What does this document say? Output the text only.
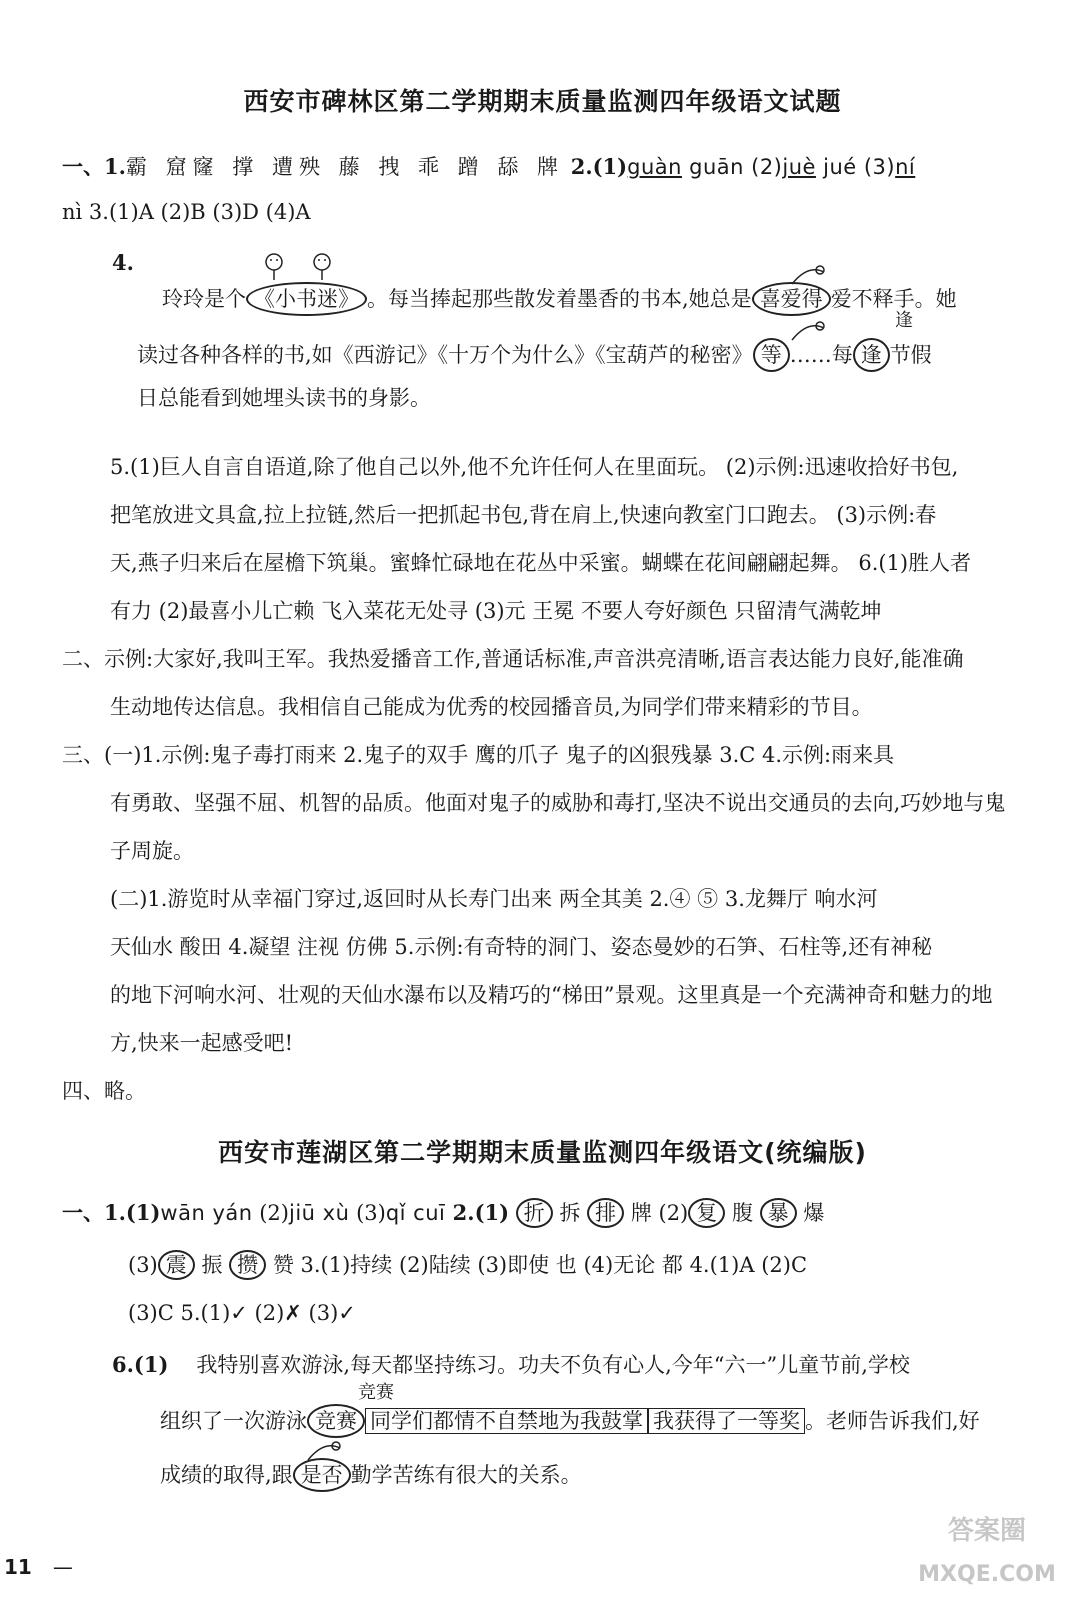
西安市碑林区第二学期期末质量监测四年级语文试题
一、1.霸 窟窿 撑 遭殃 藤 拽 乖 蹭 舔 牌 2.(1)guàn guān (2)juè jué (3)ní
nì 3.(1)A (2)B (3)D (4)A
4.
玲玲是个 《小书迷》 。每当捧起那些散发着墨香的书本,她总是 喜爱得 爱不释手。她
逢
读过各种各样的书,如《西游记》《十万个为什么》《宝葫芦的秘密》 等 ……每 逢 节假
日总能看到她埋头读书的身影。
5.(1)巨人自言自语道,除了他自己以外,他不允许任何人在里面玩。 (2)示例:迅速收拾好书包,
把笔放进文具盒,拉上拉链,然后一把抓起书包,背在肩上,快速向教室门口跑去。 (3)示例:春
天,燕子归来后在屋檐下筑巢。蜜蜂忙碌地在花丛中采蜜。蝴蝶在花间翩翩起舞。 6.(1)胜人者
有力 (2)最喜小儿亡赖 飞入菜花无处寻 (3)元 王冕 不要人夸好颜色 只留清气满乾坤
二、示例:大家好,我叫王军。我热爱播音工作,普通话标准,声音洪亮清晰,语言表达能力良好,能准确
生动地传达信息。我相信自己能成为优秀的校园播音员,为同学们带来精彩的节目。
三、(一)1.示例:鬼子毒打雨来 2.鬼子的双手 鹰的爪子 鬼子的凶狠残暴 3.C 4.示例:雨来具
有勇敢、坚强不屈、机智的品质。他面对鬼子的威胁和毒打,坚决不说出交通员的去向,巧妙地与鬼
子周旋。
(二)1.游览时从幸福门穿过,返回时从长寿门出来 两全其美 2.④ ⑤ 3.龙舞厅 响水河
天仙水 酸田 4.凝望 注视 仿佛 5.示例:有奇特的洞门、姿态曼妙的石笋、石柱等,还有神秘
的地下河响水河、壮观的天仙水瀑布以及精巧的“梯田”景观。这里真是一个充满神奇和魅力的地
方,快来一起感受吧!
四、略。
西安市莲湖区第二学期期末质量监测四年级语文(统编版)
一、1.(1)wān yán (2)jiū xù (3)qǐ cuī 2.(1) 折 拆 排 牌 (2) 复 腹 暴 爆
(3) 震 振 攒 赞 3.(1)持续 (2)陆续 (3)即使 也 (4)无论 都 4.(1)A (2)C
(3)C 5.(1)✓ (2)✗ (3)✓
6.(1) 我特别喜欢游泳,每天都坚持练习。功夫不负有心人,今年“六一”儿童节前,学校
竞赛
组织了一次游泳 竞赛 同学们都情不自禁地为我鼓掌 我获得了一等奖 。老师告诉我们,好
成绩的取得,跟 是否 勤学苦练有很大的关系。
11 —
答案圈
MXQE.COM
